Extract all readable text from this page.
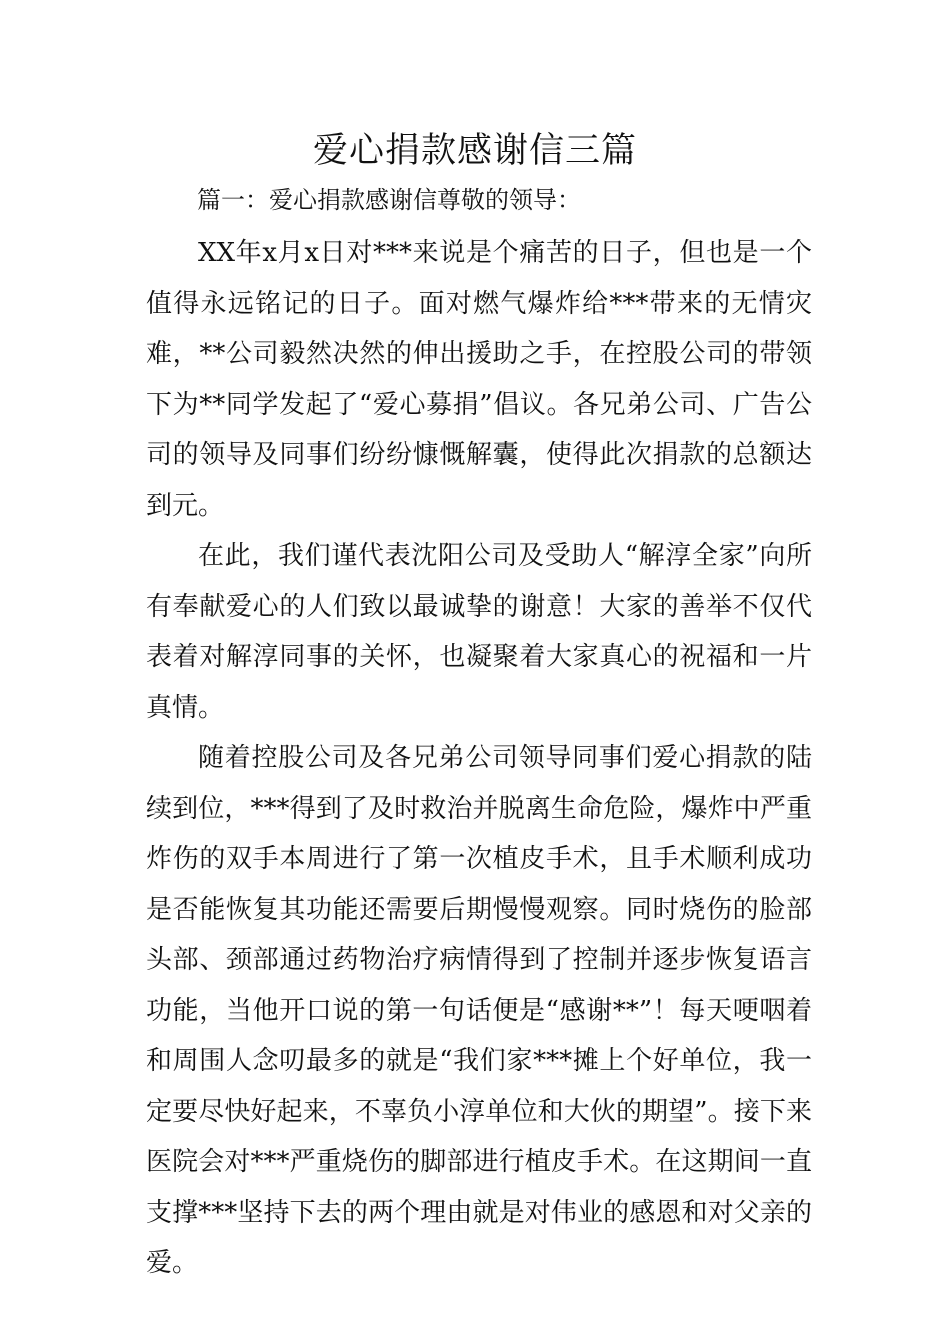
爱心捐款感谢信三篇
篇一：爱心捐款感谢信尊敬的领导：

XX年x月x日对***来说是个痛苦的日子，但也是一个值得永远铭记的日子。面对燃气爆炸给***带来的无情灾难，**公司毅然决然的伸出援助之手，在控股公司的带领下为**同学发起了“爱心募捐”倡议。各兄弟公司、广告公司的领导及同事们纷纷慷慨解囊，使得此次捐款的总额达到元。

在此，我们谨代表沈阳公司及受助人“解淳全家”向所有奉献爱心的人们致以最诚挚的谢意！大家的善举不仅代表着对解淳同事的关怀，也凝聚着大家真心的祝福和一片真情。

随着控股公司及各兄弟公司领导同事们爱心捐款的陆续到位，***得到了及时救治并脱离生命危险，爆炸中严重炸伤的双手本周进行了第一次植皮手术，且手术顺利成功是否能恢复其功能还需要后期慢慢观察。同时烧伤的脸部头部、颈部通过药物治疗病情得到了控制并逐步恢复语言功能，当他开口说的第一句话便是“感谢**”！每天哽咽着和周围人念叨最多的就是“我们家***摊上个好单位，我一定要尽快好起来，不辜负小淳单位和大伙的期望”。接下来医院会对***严重烧伤的脚部进行植皮手术。在这期间一直支撑***坚持下去的两个理由就是对伟业的感恩和对父亲的爱。
